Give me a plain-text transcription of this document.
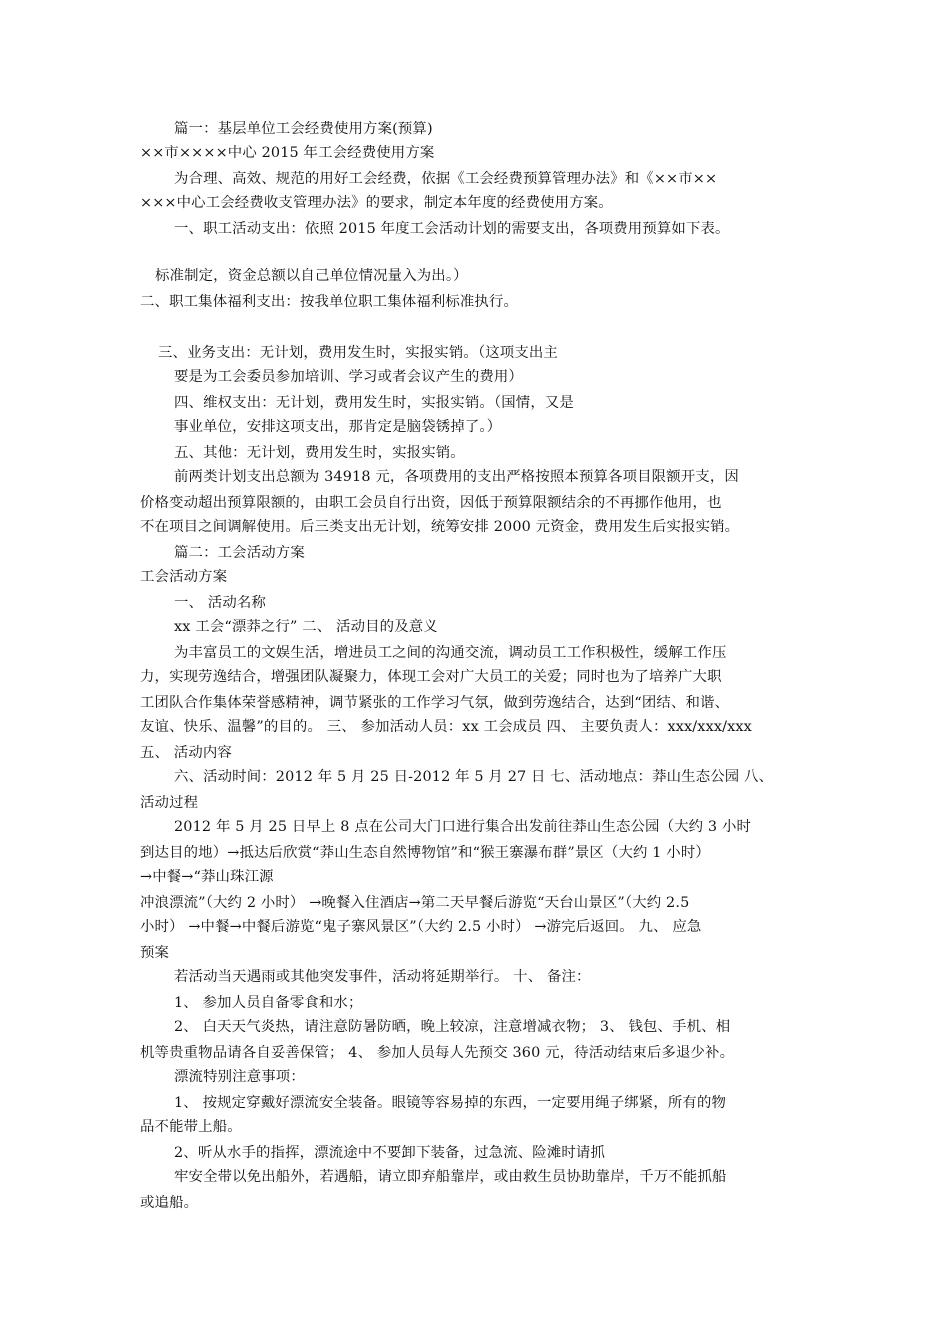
篇一：基层单位工会经费使用方案(预算)
××市××××中心 2015 年工会经费使用方案
为合理、高效、规范的用好工会经费，依据《工会经费预算管理办法》和《××市××
×××中心工会经费收支管理办法》的要求，制定本年度的经费使用方案。
一、职工活动支出：依照 2015 年度工会活动计划的需要支出，各项费用预算如下表。
标准制定，资金总额以自己单位情况量入为出。）
二、职工集体福利支出：按我单位职工集体福利标准执行。
三、业务支出：无计划，费用发生时，实报实销。（这项支出主
要是为工会委员参加培训、学习或者会议产生的费用）
四、维权支出：无计划，费用发生时，实报实销。（国情，又是
事业单位，安排这项支出，那肯定是脑袋锈掉了。）
五、其他：无计划，费用发生时，实报实销。
前两类计划支出总额为 34918 元，各项费用的支出严格按照本预算各项目限额开支，因
价格变动超出预算限额的，由职工会员自行出资，因低于预算限额结余的不再挪作他用，也
不在项目之间调解使用。后三类支出无计划，统筹安排 2000 元资金，费用发生后实报实销。
篇二：工会活动方案
工会活动方案
一、 活动名称
xx 工会“漂莽之行” 二、 活动目的及意义
为丰富员工的文娱生活，增进员工之间的沟通交流，调动员工工作积极性，缓解工作压
力，实现劳逸结合，增强团队凝聚力，体现工会对广大员工的关爱；同时也为了培养广大职
工团队合作集体荣誉感精神，调节紧张的工作学习气氛，做到劳逸结合，达到“团结、和谐、
友谊、快乐、温馨”的目的。 三、 参加活动人员：xx 工会成员 四、 主要负责人：xxx/xxx/xxx
五、 活动内容
六、活动时间：2012 年 5 月 25 日-2012 年 5 月 27 日 七、活动地点：莽山生态公园 八、
活动过程
2012 年 5 月 25 日早上 8 点在公司大门口进行集合出发前往莽山生态公园（大约 3 小时
到达目的地）→抵达后欣赏“莽山生态自然博物馆”和“猴王寨瀑布群”景区（大约 1 小时）
→中餐→“莽山珠江源
冲浪漂流”（大约 2 小时） →晚餐入住酒店→第二天早餐后游览“天台山景区”（大约 2.5
小时） →中餐→中餐后游览“鬼子寨风景区”（大约 2.5 小时） →游完后返回。 九、 应急
预案
若活动当天遇雨或其他突发事件，活动将延期举行。 十、 备注：
1、 参加人员自备零食和水；
2、 白天天气炎热，请注意防暑防晒，晚上较凉，注意增减衣物； 3、 钱包、手机、相
机等贵重物品请各自妥善保管； 4、 参加人员每人先预交 360 元，待活动结束后多退少补。
漂流特别注意事项：
1、 按规定穿戴好漂流安全装备。眼镜等容易掉的东西，一定要用绳子绑紧，所有的物
品不能带上船。
2、听从水手的指挥，漂流途中不要卸下装备，过急流、险滩时请抓
牢安全带以免出船外，若遇船，请立即弃船靠岸，或由救生员协助靠岸，千万不能抓船
或追船。
